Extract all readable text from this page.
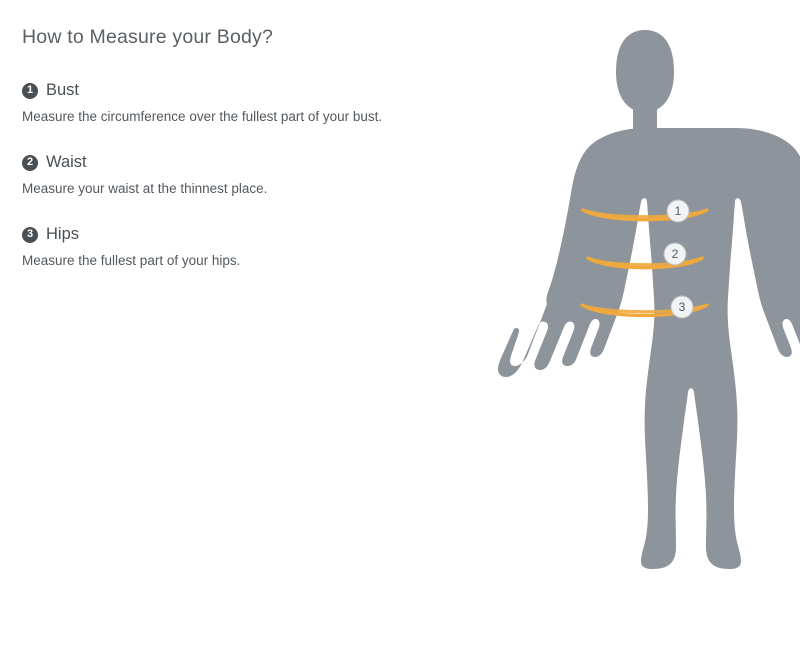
How to Measure your Body?
1 Bust

Measure the circumference over the fullest part of your bust.

2 Waist

Measure your waist at the thinnest place.

3 Hips

Measure the fullest part of your hips.

1
2
3
